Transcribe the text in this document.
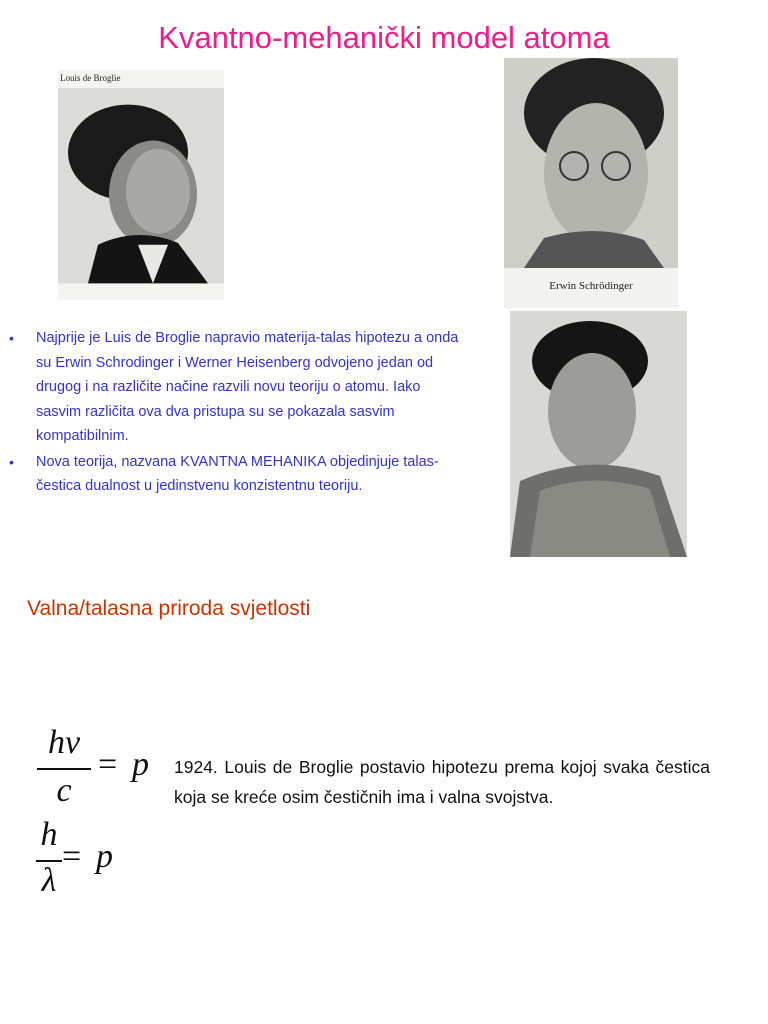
Kvantno-mehanički model atoma
Louis de Broglie
Erwin Schrödinger
• Najprije je Luis de Broglie napravio materija-talas hipotezu a onda su Erwin Schrodinger i Werner Heisenberg odvojeno jedan od drugog i na različite načine razvili novu teoriju o atomu. Iako sasvim različita ova dva pristupa su se pokazala sasvim kompatibilnim.
• Nova teorija, nazvana KVANTNA MEHANIKA objedinjuje talas-čestica dualnost u jedinstvenu konzistentnu teoriju.
Valna/talasna priroda svjetlosti
hν
c
= p
h
λ
= p

1924. Louis de Broglie postavio hipotezu prema kojoj svaka čestica koja se kreće osim čestičnih ima i valna svojstva.
